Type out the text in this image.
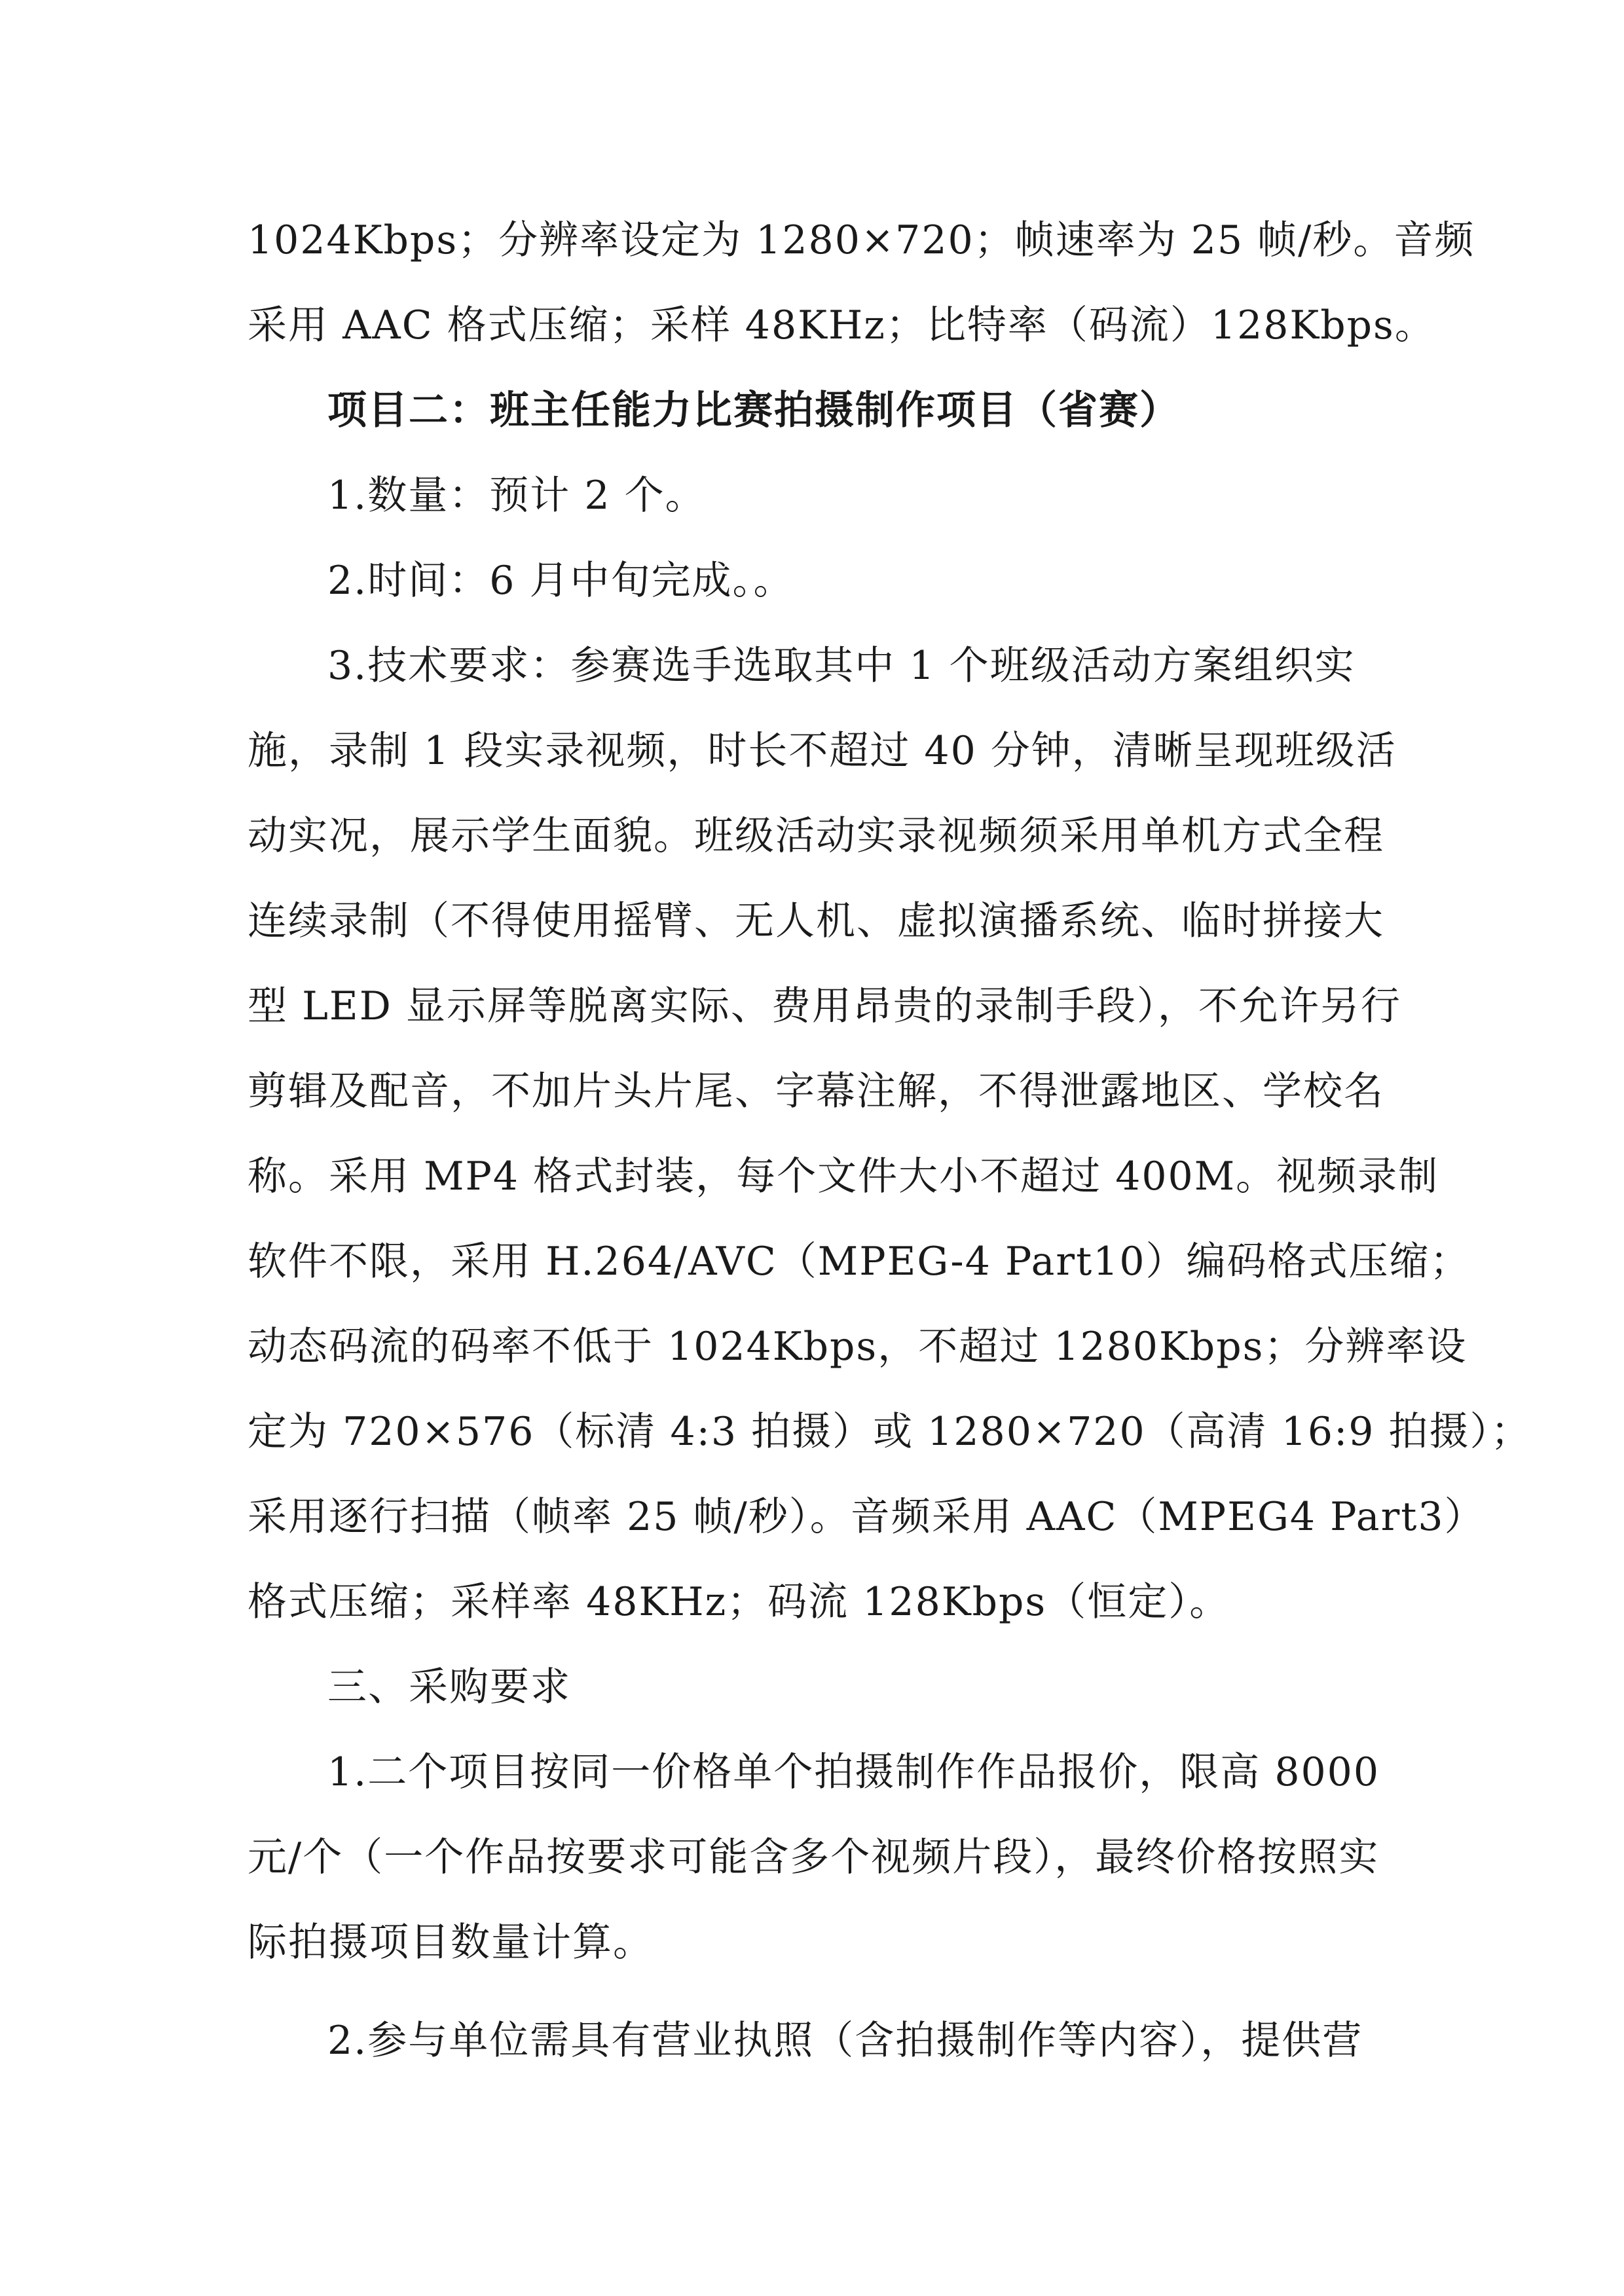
1024Kbps；分辨率设定为 1280×720；帧速率为 25 帧/秒。音频
采用 AAC 格式压缩；采样 48KHz；比特率（码流）128Kbps。
项目二：班主任能力比赛拍摄制作项目（省赛）
1.数量：预计 2 个。
2.时间：6 月中旬完成。。
3.技术要求：参赛选手选取其中 1 个班级活动方案组织实
施，录制 1 段实录视频，时长不超过 40 分钟，清晰呈现班级活
动实况，展示学生面貌。班级活动实录视频须采用单机方式全程
连续录制（不得使用摇臂、无人机、虚拟演播系统、临时拼接大
型 LED 显示屏等脱离实际、费用昂贵的录制手段），不允许另行
剪辑及配音，不加片头片尾、字幕注解，不得泄露地区、学校名
称。采用 MP4 格式封装，每个文件大小不超过 400M。视频录制
软件不限，采用 H.264/AVC（MPEG-4 Part10）编码格式压缩；
动态码流的码率不低于 1024Kbps，不超过 1280Kbps；分辨率设
定为 720×576（标清 4:3 拍摄）或 1280×720（高清 16:9 拍摄）；
采用逐行扫描（帧率 25 帧/秒）。音频采用 AAC（MPEG4 Part3）
格式压缩；采样率 48KHz；码流 128Kbps（恒定）。
三、采购要求
1.二个项目按同一价格单个拍摄制作作品报价，限高 8000
元/个（一个作品按要求可能含多个视频片段），最终价格按照实
际拍摄项目数量计算。
2.参与单位需具有营业执照（含拍摄制作等内容），提供营
